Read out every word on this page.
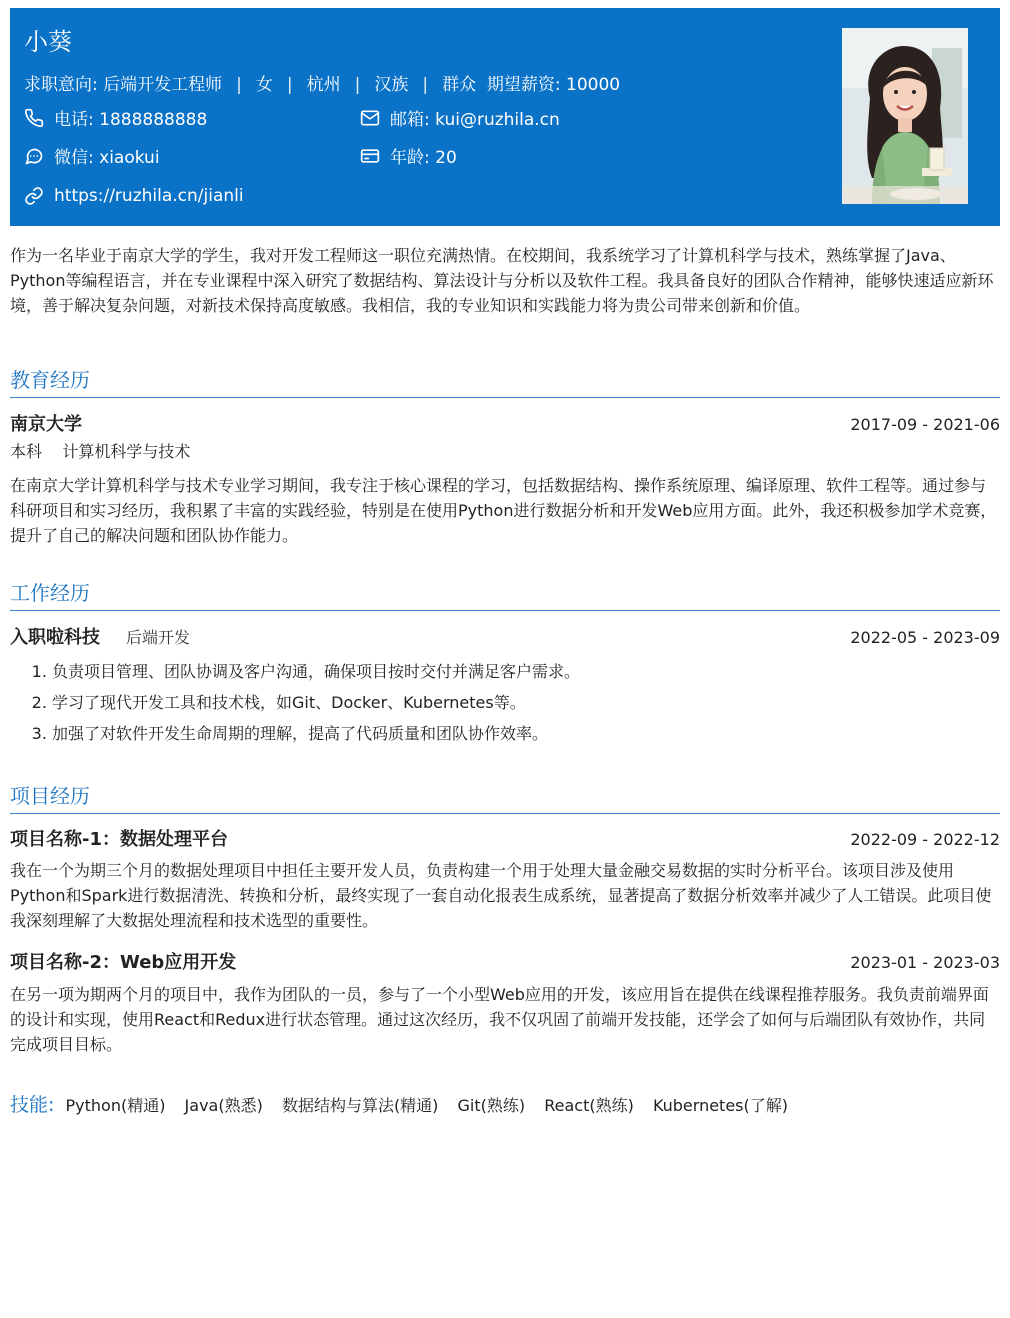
小葵
求职意向: 后端开发工程师 | 女 | 杭州 | 汉族 | 群众 期望薪资: 10000
电话: 1888888888	邮箱: kui@ruzhila.cn
微信: xiaokui	年龄: 20
https://ruzhila.cn/jianli
作为一名毕业于南京大学的学生，我对开发工程师这一职位充满热情。在校期间，我系统学习了计算机科学与技术，熟练掌握了Java、Python等编程语言，并在专业课程中深入研究了数据结构、算法设计与分析以及软件工程。我具备良好的团队合作精神，能够快速适应新环境，善于解决复杂问题，对新技术保持高度敏感。我相信，我的专业知识和实践能力将为贵公司带来创新和价值。
教育经历
南京大学	2017-09 - 2021-06
本科 计算机科学与技术
在南京大学计算机科学与技术专业学习期间，我专注于核心课程的学习，包括数据结构、操作系统原理、编译原理、软件工程等。通过参与科研项目和实习经历，我积累了丰富的实践经验，特别是在使用Python进行数据分析和开发Web应用方面。此外，我还积极参加学术竞赛，提升了自己的解决问题和团队协作能力。
工作经历
入职啦科技 后端开发	2022-05 - 2023-09
1. 负责项目管理、团队协调及客户沟通，确保项目按时交付并满足客户需求。
2. 学习了现代开发工具和技术栈，如Git、Docker、Kubernetes等。
3. 加强了对软件开发生命周期的理解，提高了代码质量和团队协作效率。
项目经历
项目名称-1：数据处理平台	2022-09 - 2022-12
我在一个为期三个月的数据处理项目中担任主要开发人员，负责构建一个用于处理大量金融交易数据的实时分析平台。该项目涉及使用Python和Spark进行数据清洗、转换和分析，最终实现了一套自动化报表生成系统，显著提高了数据分析效率并减少了人工错误。此项目使我深刻理解了大数据处理流程和技术选型的重要性。
项目名称-2：Web应用开发	2023-01 - 2023-03
在另一项为期两个月的项目中，我作为团队的一员，参与了一个小型Web应用的开发，该应用旨在提供在线课程推荐服务。我负责前端界面的设计和实现，使用React和Redux进行状态管理。通过这次经历，我不仅巩固了前端开发技能，还学会了如何与后端团队有效协作，共同完成项目目标。
技能: Python(精通) Java(熟悉) 数据结构与算法(精通) Git(熟练) React(熟练) Kubernetes(了解)
